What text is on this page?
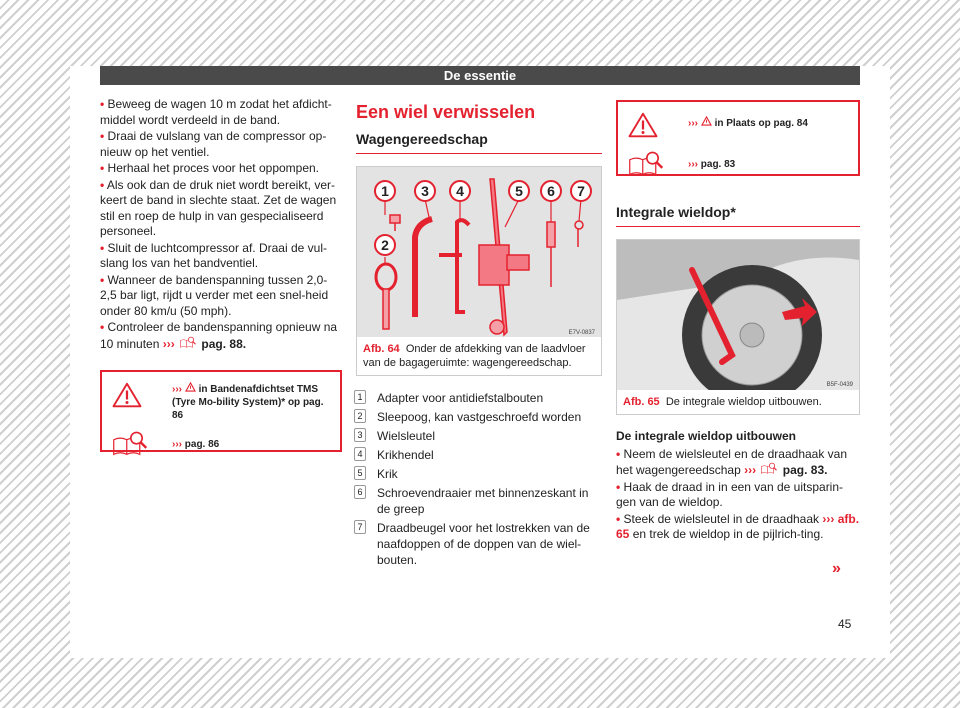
De essentie

• Beweeg de wagen 10 m zodat het afdicht-middel wordt verdeeld in de band.

• Draai de vulslang van de compressor op-nieuw op het ventiel.

• Herhaal het proces voor het oppompen.

• Als ook dan de druk niet wordt bereikt, ver-keert de band in slechte staat. Zet de wagen stil en roep de hulp in van gespecialiseerd personeel.

• Sluit de luchtcompressor af. Draai de vul-slang los van het bandventiel.

• Wanneer de bandenspanning tussen 2,0-2,5 bar ligt, rijdt u verder met een snel-heid onder 80 km/u (50 mph).

• Controleer de bandenspanning opnieuw na 10 minuten ››› pag. 88.

››› in Bandenafdichtset TMS (Tyre Mo-bility System)* op pag. 86
››› pag. 86
Een wiel verwisselen
Wagengereedschap
1
2
3 4	5 6 7
E7V-0837
Afb. 64 Onder de afdekking van de laadvloer van de bagageruimte: wagengereedschap.
1 Adapter voor antidiefstalbouten
2 Sleepoog, kan vastgeschroefd worden
3 Wielsleutel
4 Krikhendel
5 Krik
6 Schroevendraaier met binnenzeskant in de greep
7 Draadbeugel voor het lostrekken van de naafdoppen of de doppen van de wiel-bouten.
››› in Plaats op pag. 84
››› pag. 83
Integrale wieldop*
B5F-0439
Afb. 65 De integrale wieldop uitbouwen.

De integrale wieldop uitbouwen

• Neem de wielsleutel en de draadhaak van het wagengereedschap ››› pag. 83.

• Haak de draad in in een van de uitsparin-gen van de wieldop.

• Steek de wielsleutel in de draadhaak ››› afb. 65 en trek de wieldop in de pijlrich-ting.

»
45
